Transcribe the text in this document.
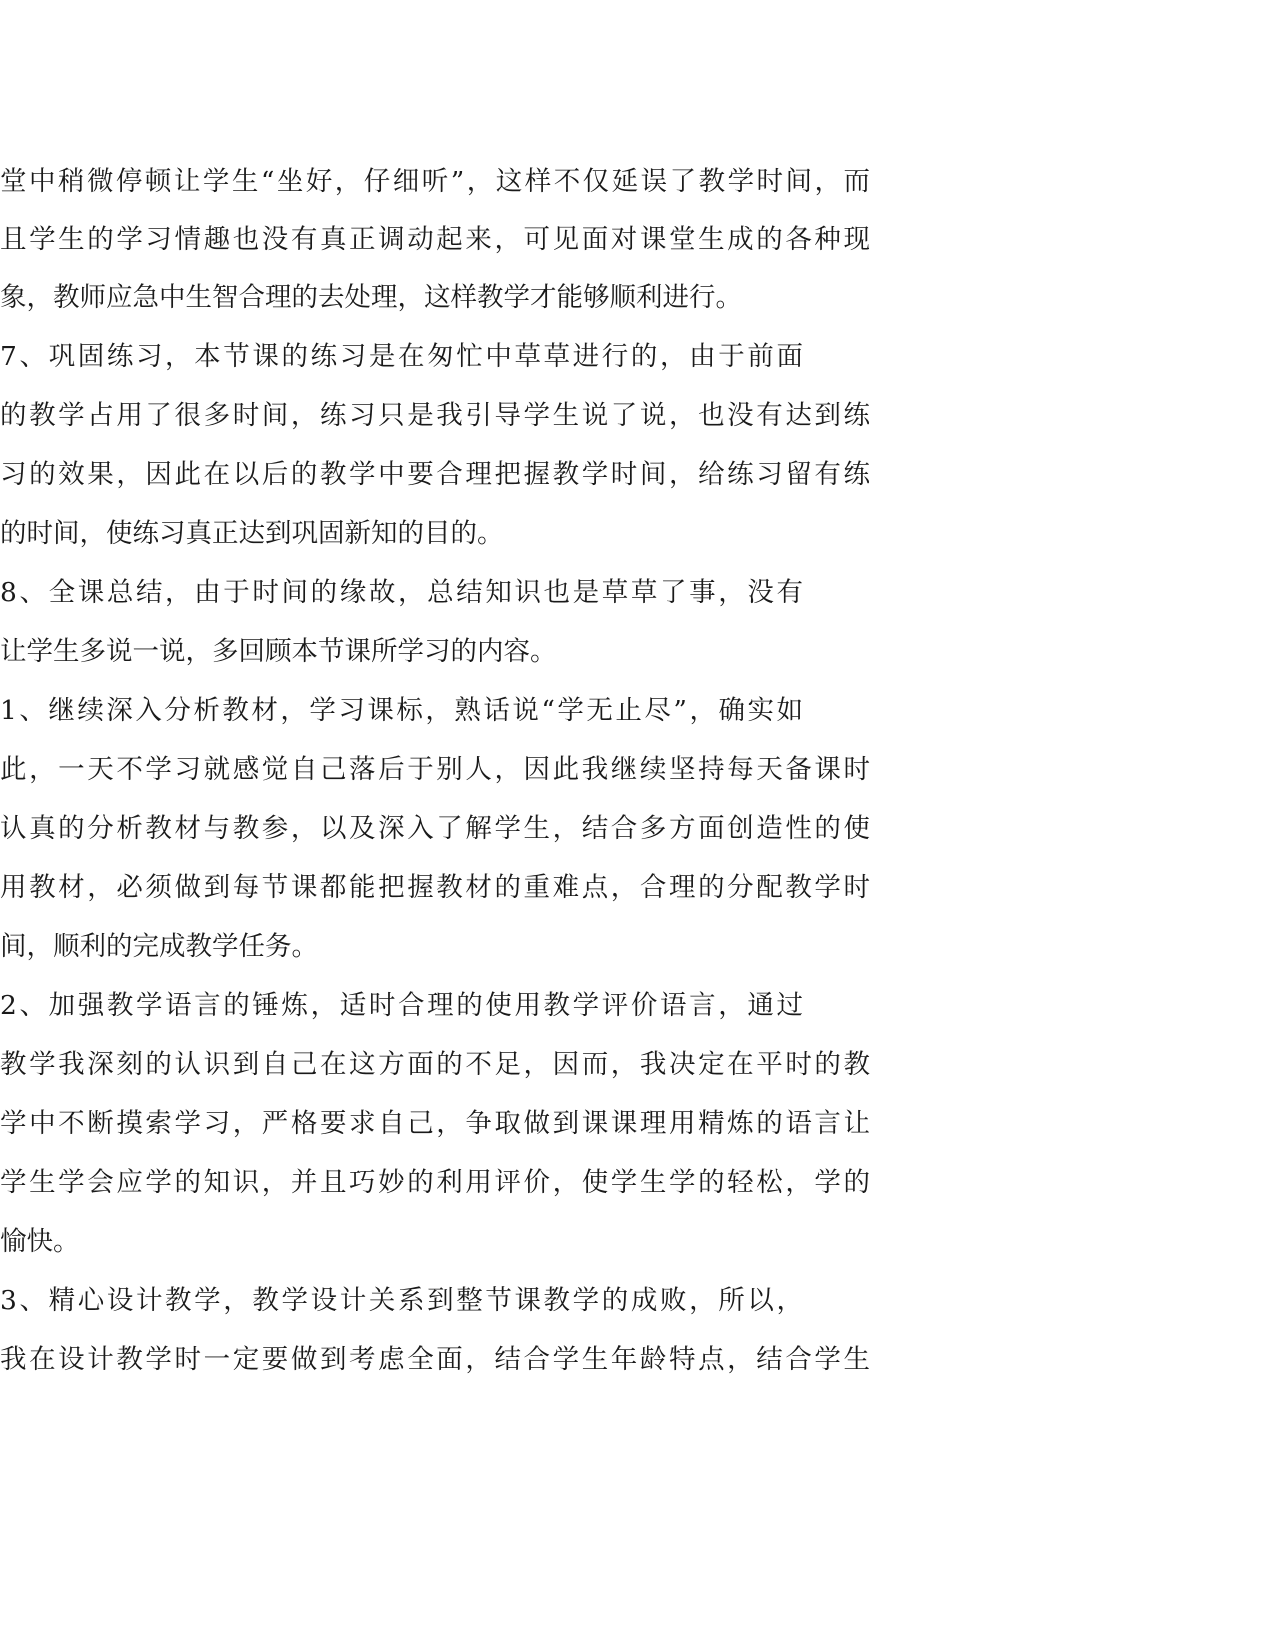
堂中稍微停顿让学生“坐好，仔细听”，这样不仅延误了教学时间，而
且学生的学习情趣也没有真正调动起来，可见面对课堂生成的各种现
象，教师应急中生智合理的去处理，这样教学才能够顺利进行。
7、巩固练习，本节课的练习是在匆忙中草草进行的，由于前面
的教学占用了很多时间，练习只是我引导学生说了说，也没有达到练
习的效果，因此在以后的教学中要合理把握教学时间，给练习留有练
的时间，使练习真正达到巩固新知的目的。
8、全课总结，由于时间的缘故，总结知识也是草草了事，没有
让学生多说一说，多回顾本节课所学习的内容。
1、继续深入分析教材，学习课标，熟话说“学无止尽”，确实如
此，一天不学习就感觉自己落后于别人，因此我继续坚持每天备课时
认真的分析教材与教参，以及深入了解学生，结合多方面创造性的使
用教材，必须做到每节课都能把握教材的重难点，合理的分配教学时
间，顺利的完成教学任务。
2、加强教学语言的锤炼，适时合理的使用教学评价语言，通过
教学我深刻的认识到自己在这方面的不足，因而，我决定在平时的教
学中不断摸索学习，严格要求自己，争取做到课课理用精炼的语言让
学生学会应学的知识，并且巧妙的利用评价，使学生学的轻松，学的
愉快。
3、精心设计教学，教学设计关系到整节课教学的成败，所以，
我在设计教学时一定要做到考虑全面，结合学生年龄特点，结合学生
